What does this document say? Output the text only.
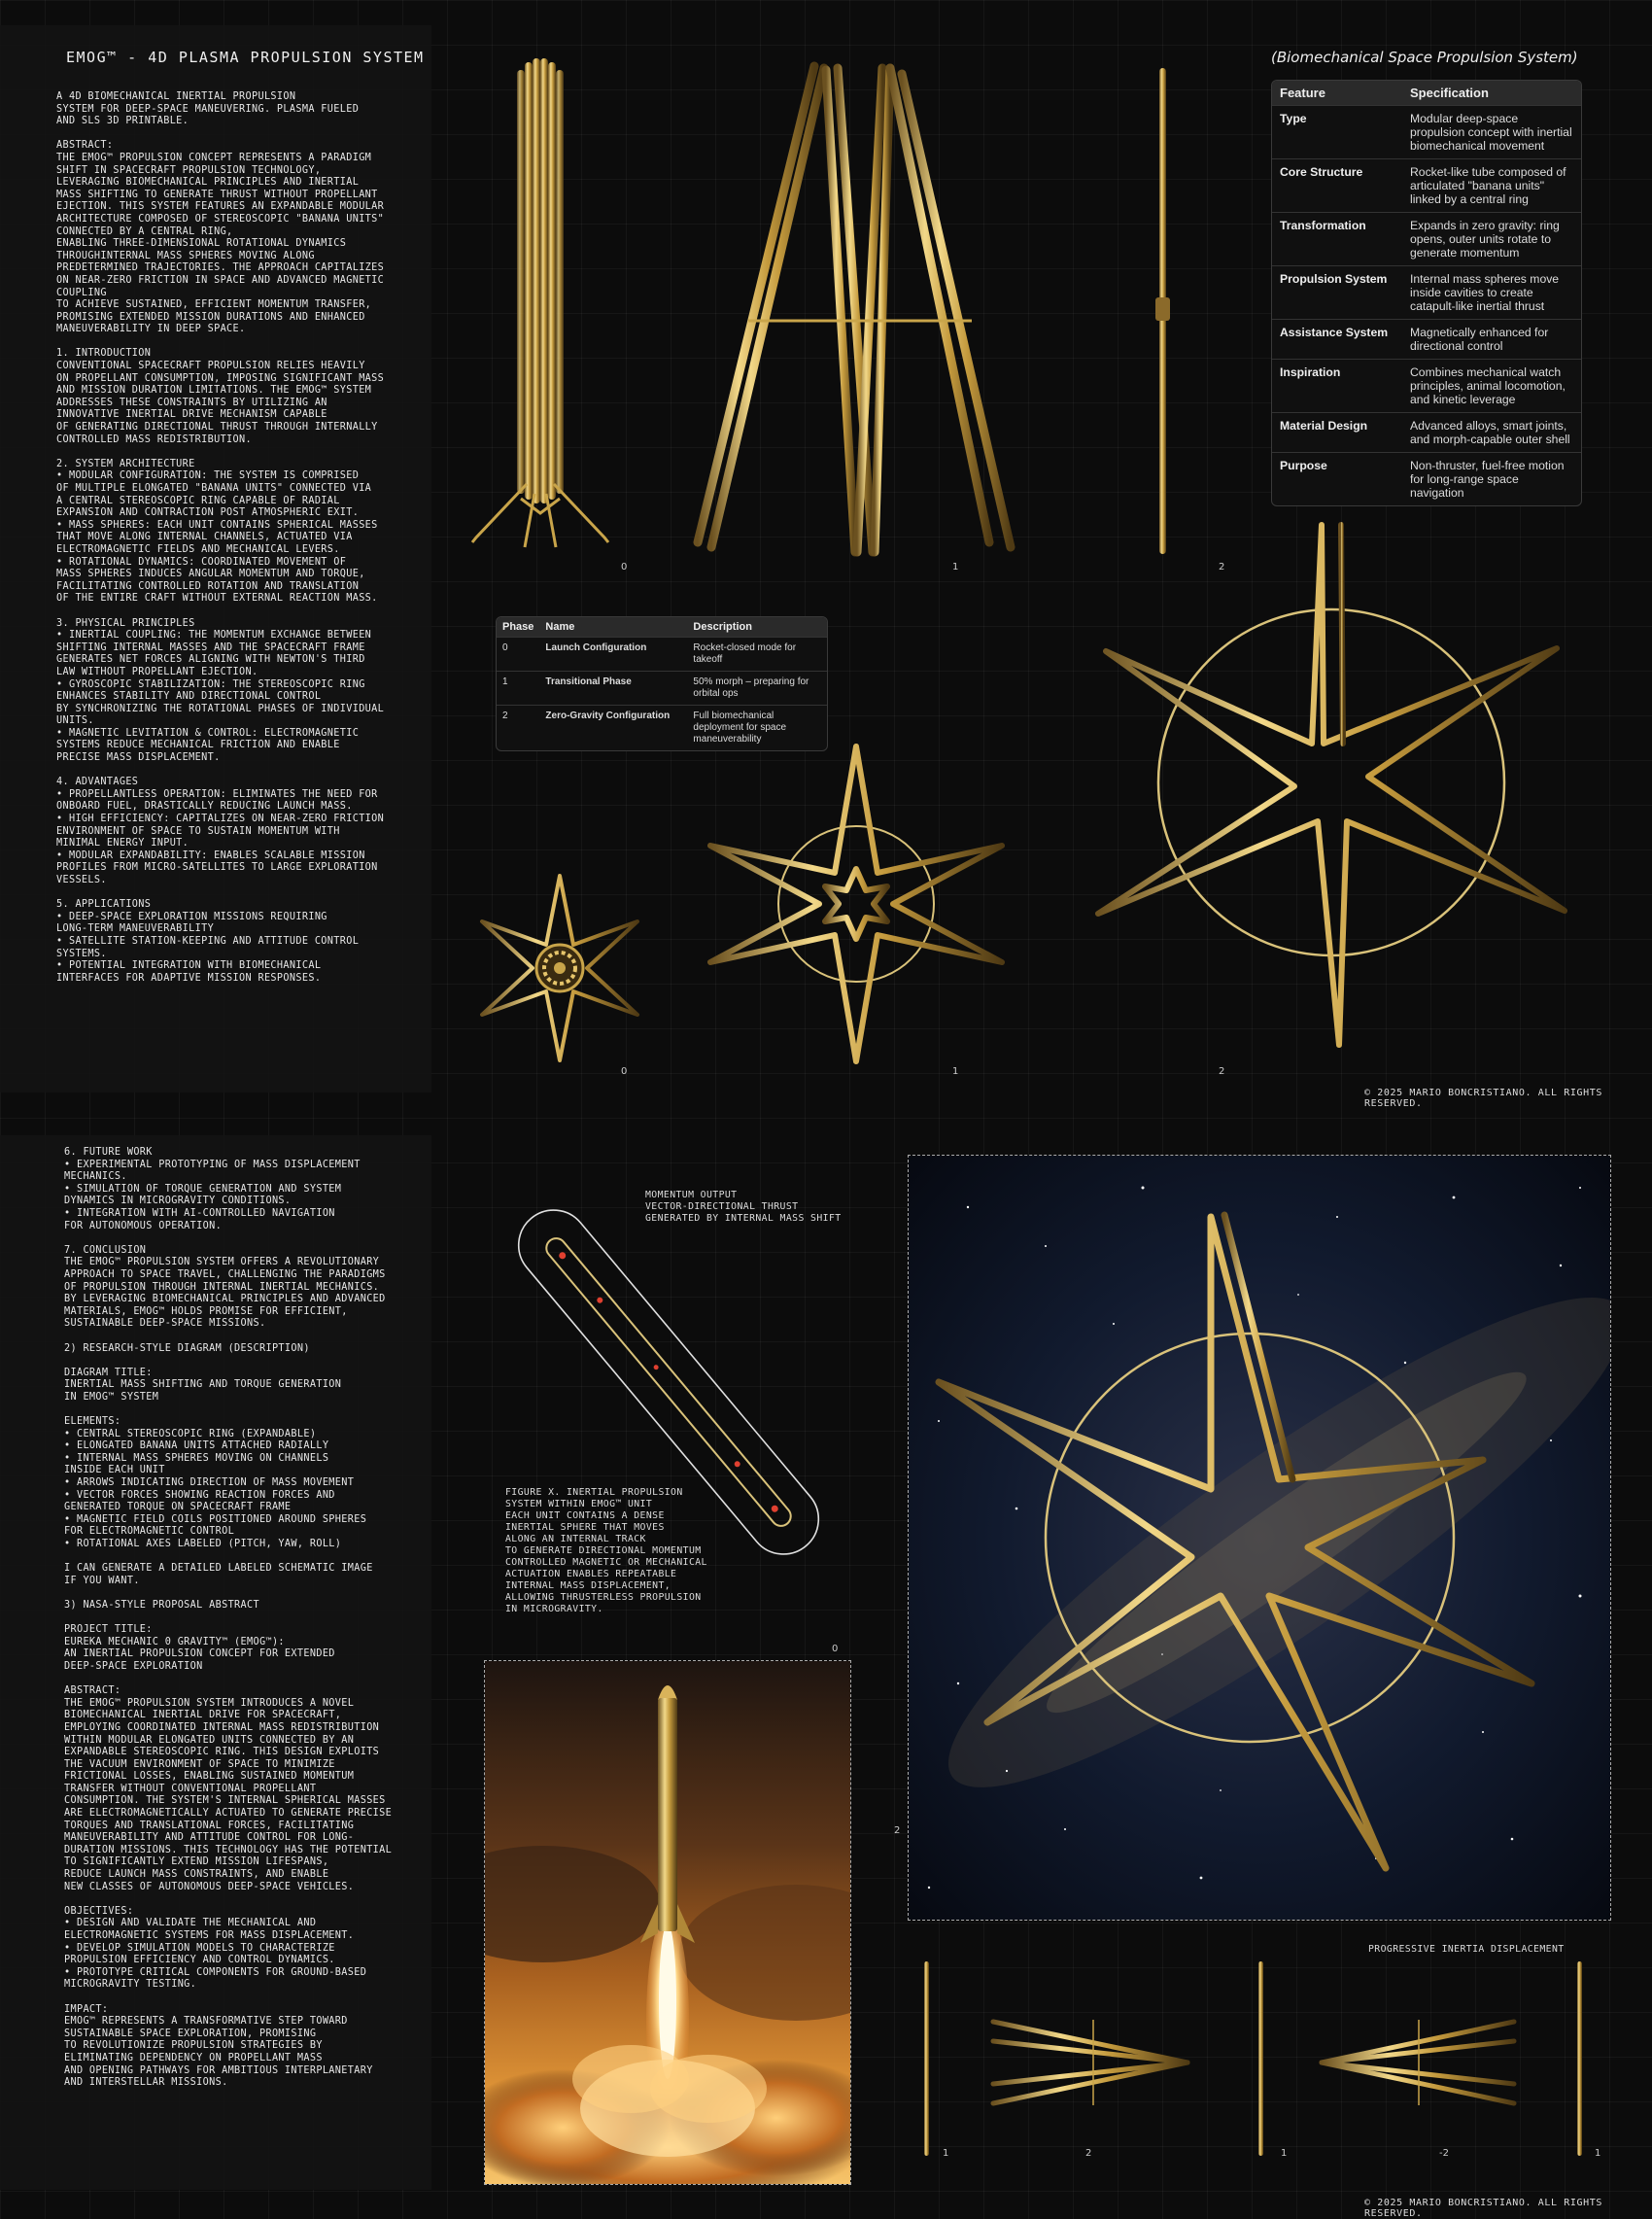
EMOG™ - 4D PLASMA PROPULSION SYSTEM
A 4D BIOMECHANICAL INERTIAL PROPULSION
SYSTEM FOR DEEP-SPACE MANEUVERING. PLASMA FUELED
AND SLS 3D PRINTABLE.

ABSTRACT:
THE EMOG™ PROPULSION CONCEPT REPRESENTS A PARADIGM
SHIFT IN SPACECRAFT PROPULSION TECHNOLOGY,
LEVERAGING BIOMECHANICAL PRINCIPLES AND INERTIAL
MASS SHIFTING TO GENERATE THRUST WITHOUT PROPELLANT
EJECTION. THIS SYSTEM FEATURES AN EXPANDABLE MODULAR
ARCHITECTURE COMPOSED OF STEREOSCOPIC "BANANA UNITS"
CONNECTED BY A CENTRAL RING,
ENABLING THREE-DIMENSIONAL ROTATIONAL DYNAMICS
THROUGHINTERNAL MASS SPHERES MOVING ALONG
PREDETERMINED TRAJECTORIES. THE APPROACH CAPITALIZES
ON NEAR-ZERO FRICTION IN SPACE AND ADVANCED MAGNETIC
COUPLING
TO ACHIEVE SUSTAINED, EFFICIENT MOMENTUM TRANSFER,
PROMISING EXTENDED MISSION DURATIONS AND ENHANCED
MANEUVERABILITY IN DEEP SPACE.

1. INTRODUCTION
CONVENTIONAL SPACECRAFT PROPULSION RELIES HEAVILY
ON PROPELLANT CONSUMPTION, IMPOSING SIGNIFICANT MASS
AND MISSION DURATION LIMITATIONS. THE EMOG™ SYSTEM
ADDRESSES THESE CONSTRAINTS BY UTILIZING AN
INNOVATIVE INERTIAL DRIVE MECHANISM CAPABLE
OF GENERATING DIRECTIONAL THRUST THROUGH INTERNALLY
CONTROLLED MASS REDISTRIBUTION.

2. SYSTEM ARCHITECTURE
• MODULAR CONFIGURATION: THE SYSTEM IS COMPRISED
OF MULTIPLE ELONGATED "BANANA UNITS" CONNECTED VIA
A CENTRAL STEREOSCOPIC RING CAPABLE OF RADIAL
EXPANSION AND CONTRACTION POST ATMOSPHERIC EXIT.
• MASS SPHERES: EACH UNIT CONTAINS SPHERICAL MASSES
THAT MOVE ALONG INTERNAL CHANNELS, ACTUATED VIA
ELECTROMAGNETIC FIELDS AND MECHANICAL LEVERS.
• ROTATIONAL DYNAMICS: COORDINATED MOVEMENT OF
MASS SPHERES INDUCES ANGULAR MOMENTUM AND TORQUE,
FACILITATING CONTROLLED ROTATION AND TRANSLATION
OF THE ENTIRE CRAFT WITHOUT EXTERNAL REACTION MASS.

3. PHYSICAL PRINCIPLES
• INERTIAL COUPLING: THE MOMENTUM EXCHANGE BETWEEN
SHIFTING INTERNAL MASSES AND THE SPACECRAFT FRAME
GENERATES NET FORCES ALIGNING WITH NEWTON'S THIRD
LAW WITHOUT PROPELLANT EJECTION.
• GYROSCOPIC STABILIZATION: THE STEREOSCOPIC RING
ENHANCES STABILITY AND DIRECTIONAL CONTROL
BY SYNCHRONIZING THE ROTATIONAL PHASES OF INDIVIDUAL
UNITS.
• MAGNETIC LEVITATION & CONTROL: ELECTROMAGNETIC
SYSTEMS REDUCE MECHANICAL FRICTION AND ENABLE
PRECISE MASS DISPLACEMENT.

4. ADVANTAGES
• PROPELLANTLESS OPERATION: ELIMINATES THE NEED FOR
ONBOARD FUEL, DRASTICALLY REDUCING LAUNCH MASS.
• HIGH EFFICIENCY: CAPITALIZES ON NEAR-ZERO FRICTION
ENVIRONMENT OF SPACE TO SUSTAIN MOMENTUM WITH
MINIMAL ENERGY INPUT.
• MODULAR EXPANDABILITY: ENABLES SCALABLE MISSION
PROFILES FROM MICRO-SATELLITES TO LARGE EXPLORATION
VESSELS.

5. APPLICATIONS
• DEEP-SPACE EXPLORATION MISSIONS REQUIRING
LONG-TERM MANEUVERABILITY
• SATELLITE STATION-KEEPING AND ATTITUDE CONTROL
SYSTEMS.
• POTENTIAL INTEGRATION WITH BIOMECHANICAL
INTERFACES FOR ADAPTIVE MISSION RESPONSES.
6. FUTURE WORK
• EXPERIMENTAL PROTOTYPING OF MASS DISPLACEMENT
MECHANICS.
• SIMULATION OF TORQUE GENERATION AND SYSTEM
DYNAMICS IN MICROGRAVITY CONDITIONS.
• INTEGRATION WITH AI-CONTROLLED NAVIGATION
FOR AUTONOMOUS OPERATION.

7. CONCLUSION
THE EMOG™ PROPULSION SYSTEM OFFERS A REVOLUTIONARY
APPROACH TO SPACE TRAVEL, CHALLENGING THE PARADIGMS
OF PROPULSION THROUGH INTERNAL INERTIAL MECHANICS.
BY LEVERAGING BIOMECHANICAL PRINCIPLES AND ADVANCED
MATERIALS, EMOG™ HOLDS PROMISE FOR EFFICIENT,
SUSTAINABLE DEEP-SPACE MISSIONS.

2) RESEARCH-STYLE DIAGRAM (DESCRIPTION)

DIAGRAM TITLE:
INERTIAL MASS SHIFTING AND TORQUE GENERATION
IN EMOG™ SYSTEM

ELEMENTS:
• CENTRAL STEREOSCOPIC RING (EXPANDABLE)
• ELONGATED BANANA UNITS ATTACHED RADIALLY
• INTERNAL MASS SPHERES MOVING ON CHANNELS
INSIDE EACH UNIT
• ARROWS INDICATING DIRECTION OF MASS MOVEMENT
• VECTOR FORCES SHOWING REACTION FORCES AND
GENERATED TORQUE ON SPACECRAFT FRAME
• MAGNETIC FIELD COILS POSITIONED AROUND SPHERES
FOR ELECTROMAGNETIC CONTROL
• ROTATIONAL AXES LABELED (PITCH, YAW, ROLL)

I CAN GENERATE A DETAILED LABELED SCHEMATIC IMAGE
IF YOU WANT.

3) NASA-STYLE PROPOSAL ABSTRACT

PROJECT TITLE:
EUREKA MECHANIC 0 GRAVITY™ (EMOG™):
AN INERTIAL PROPULSION CONCEPT FOR EXTENDED
DEEP-SPACE EXPLORATION

ABSTRACT:
THE EMOG™ PROPULSION SYSTEM INTRODUCES A NOVEL
BIOMECHANICAL INERTIAL DRIVE FOR SPACECRAFT,
EMPLOYING COORDINATED INTERNAL MASS REDISTRIBUTION
WITHIN MODULAR ELONGATED UNITS CONNECTED BY AN
EXPANDABLE STEREOSCOPIC RING. THIS DESIGN EXPLOITS
THE VACUUM ENVIRONMENT OF SPACE TO MINIMIZE
FRICTIONAL LOSSES, ENABLING SUSTAINED MOMENTUM
TRANSFER WITHOUT CONVENTIONAL PROPELLANT
CONSUMPTION. THE SYSTEM'S INTERNAL SPHERICAL MASSES
ARE ELECTROMAGNETICALLY ACTUATED TO GENERATE PRECISE
TORQUES AND TRANSLATIONAL FORCES, FACILITATING
MANEUVERABILITY AND ATTITUDE CONTROL FOR LONG-
DURATION MISSIONS. THIS TECHNOLOGY HAS THE POTENTIAL
TO SIGNIFICANTLY EXTEND MISSION LIFESPANS,
REDUCE LAUNCH MASS CONSTRAINTS, AND ENABLE
NEW CLASSES OF AUTONOMOUS DEEP-SPACE VEHICLES.

OBJECTIVES:
• DESIGN AND VALIDATE THE MECHANICAL AND
ELECTROMAGNETIC SYSTEMS FOR MASS DISPLACEMENT.
• DEVELOP SIMULATION MODELS TO CHARACTERIZE
PROPULSION EFFICIENCY AND CONTROL DYNAMICS.
• PROTOTYPE CRITICAL COMPONENTS FOR GROUND-BASED
MICROGRAVITY TESTING.

IMPACT:
EMOG™ REPRESENTS A TRANSFORMATIVE STEP TOWARD
SUSTAINABLE SPACE EXPLORATION, PROMISING
TO REVOLUTIONIZE PROPULSION STRATEGIES BY
ELIMINATING DEPENDENCY ON PROPELLANT MASS
AND OPENING PATHWAYS FOR AMBITIOUS INTERPLANETARY
AND INTERSTELLAR MISSIONS.
0	1	2
(Biomechanical Space Propulsion System)
Feature	Specification
Type	Modular deep-space propulsion concept with inertial biomechanical movement
Core Structure	Rocket-like tube composed of articulated "banana units" linked by a central ring
Transformation	Expands in zero gravity: ring opens, outer units rotate to generate momentum
Propulsion System	Internal mass spheres move inside cavities to create catapult-like inertial thrust
Assistance System	Magnetically enhanced for directional control
Inspiration	Combines mechanical watch principles, animal locomotion, and kinetic leverage
Material Design	Advanced alloys, smart joints, and morph-capable outer shell
Purpose	Non-thruster, fuel-free motion for long-range space navigation
Phase	Name	Description
0	Launch Configuration	Rocket-closed mode for takeoff
1	Transitional Phase	50% morph – preparing for orbital ops
2	Zero-Gravity Configuration	Full biomechanical deployment for space maneuverability
0	1	2
© 2025 MARIO BONCRISTIANO. ALL RIGHTS RESERVED.
MOMENTUM OUTPUT
VECTOR-DIRECTIONAL THRUST
GENERATED BY INTERNAL MASS SHIFT
FIGURE X. INERTIAL PROPULSION
SYSTEM WITHIN EMOG™ UNIT
EACH UNIT CONTAINS A DENSE
INERTIAL SPHERE THAT MOVES
ALONG AN INTERNAL TRACK
TO GENERATE DIRECTIONAL MOMENTUM
CONTROLLED MAGNETIC OR MECHANICAL
ACTUATION ENABLES REPEATABLE
INTERNAL MASS DISPLACEMENT,
ALLOWING THRUSTERLESS PROPULSION
IN MICROGRAVITY.
0
2
PROGRESSIVE INERTIA DISPLACEMENT
1	2	1	-2	1
© 2025 MARIO BONCRISTIANO. ALL RIGHTS RESERVED.
